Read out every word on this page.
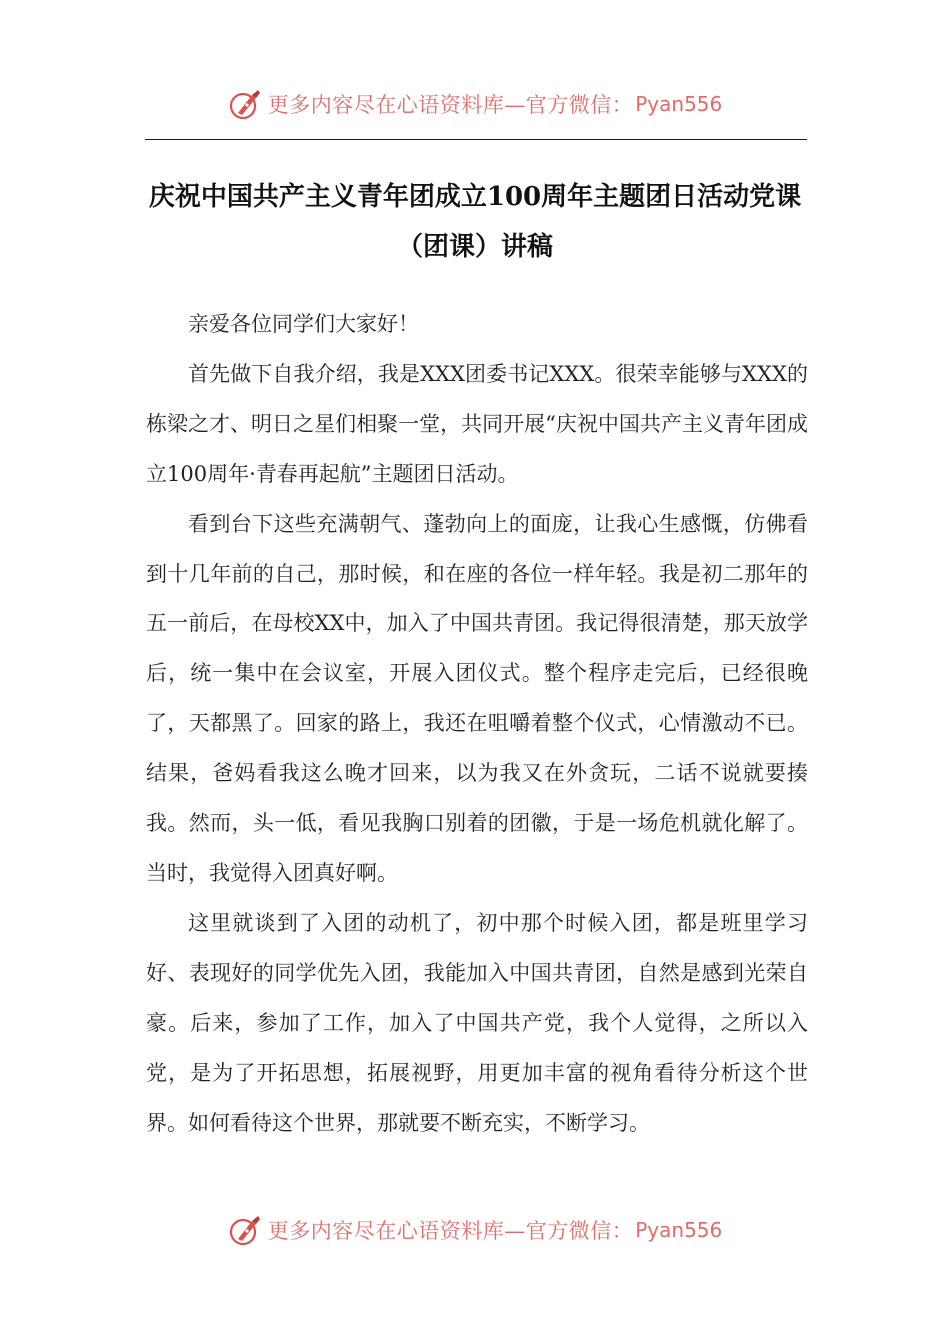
更多内容尽在心语资料库—官方微信： Pyan556
庆祝中国共产主义青年团成立100周年主题团日活动党课
（团课）讲稿

亲爱各位同学们大家好！

首先做下自我介绍，我是XXX团委书记XXX。很荣幸能够与XXX的栋梁之才、明日之星们相聚一堂，共同开展“庆祝中国共产主义青年团成立100周年·青春再起航”主题团日活动。

看到台下这些充满朝气、蓬勃向上的面庞，让我心生感慨，仿佛看到十几年前的自己，那时候，和在座的各位一样年轻。我是初二那年的五一前后，在母校XX中，加入了中国共青团。我记得很清楚，那天放学后，统一集中在会议室，开展入团仪式。整个程序走完后，已经很晚了，天都黑了。回家的路上，我还在咀嚼着整个仪式，心情激动不已。结果，爸妈看我这么晚才回来，以为我又在外贪玩，二话不说就要揍我。然而，头一低，看见我胸口别着的团徽，于是一场危机就化解了。当时，我觉得入团真好啊。

这里就谈到了入团的动机了，初中那个时候入团，都是班里学习好、表现好的同学优先入团，我能加入中国共青团，自然是感到光荣自豪。后来，参加了工作，加入了中国共产党，我个人觉得，之所以入党，是为了开拓思想，拓展视野，用更加丰富的视角看待分析这个世界。如何看待这个世界，那就要不断充实，不断学习。

更多内容尽在心语资料库—官方微信： Pyan556
